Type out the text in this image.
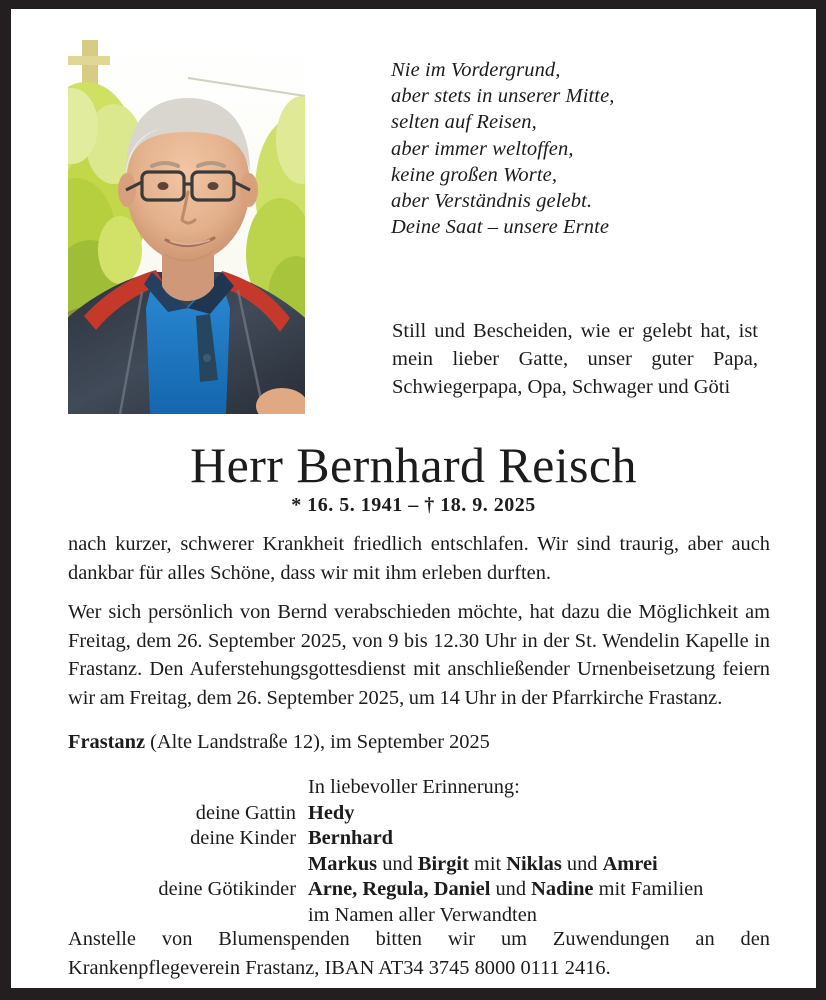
Nie im Vordergrund,
aber stets in unserer Mitte,
selten auf Reisen,
aber immer weltoffen,
keine großen Worte,
aber Verständnis gelebt.
Deine Saat – unsere Ernte
Still und Bescheiden, wie er gelebt hat, ist mein lieber Gatte, unser guter Papa, Schwiegerpapa, Opa, Schwager und Göti
Herr Bernhard Reisch
* 16. 5. 1941 – † 18. 9. 2025
nach kurzer, schwerer Krankheit friedlich entschlafen. Wir sind traurig, aber auch dankbar für alles Schöne, dass wir mit ihm erleben durften.
Wer sich persönlich von Bernd verabschieden möchte, hat dazu die Möglichkeit am Freitag, dem 26. September 2025, von 9 bis 12.30 Uhr in der St. Wendelin Kapelle in Frastanz. Den Auferstehungsgottesdienst mit anschließender Urnenbeisetzung feiern wir am Freitag, dem 26. September 2025, um 14 Uhr in der Pfarrkirche Frastanz.
Frastanz (Alte Landstraße 12), im September 2025
In liebevoller Erinnerung:
deine Gattin Hedy
deine Kinder Bernhard
Markus und Birgit mit Niklas und Amrei
deine Götikinder Arne, Regula, Daniel und Nadine mit Familien
im Namen aller Verwandten
Anstelle von Blumenspenden bitten wir um Zuwendungen an den Krankenpflegeverein Frastanz, IBAN AT34 3745 8000 0111 2416.
